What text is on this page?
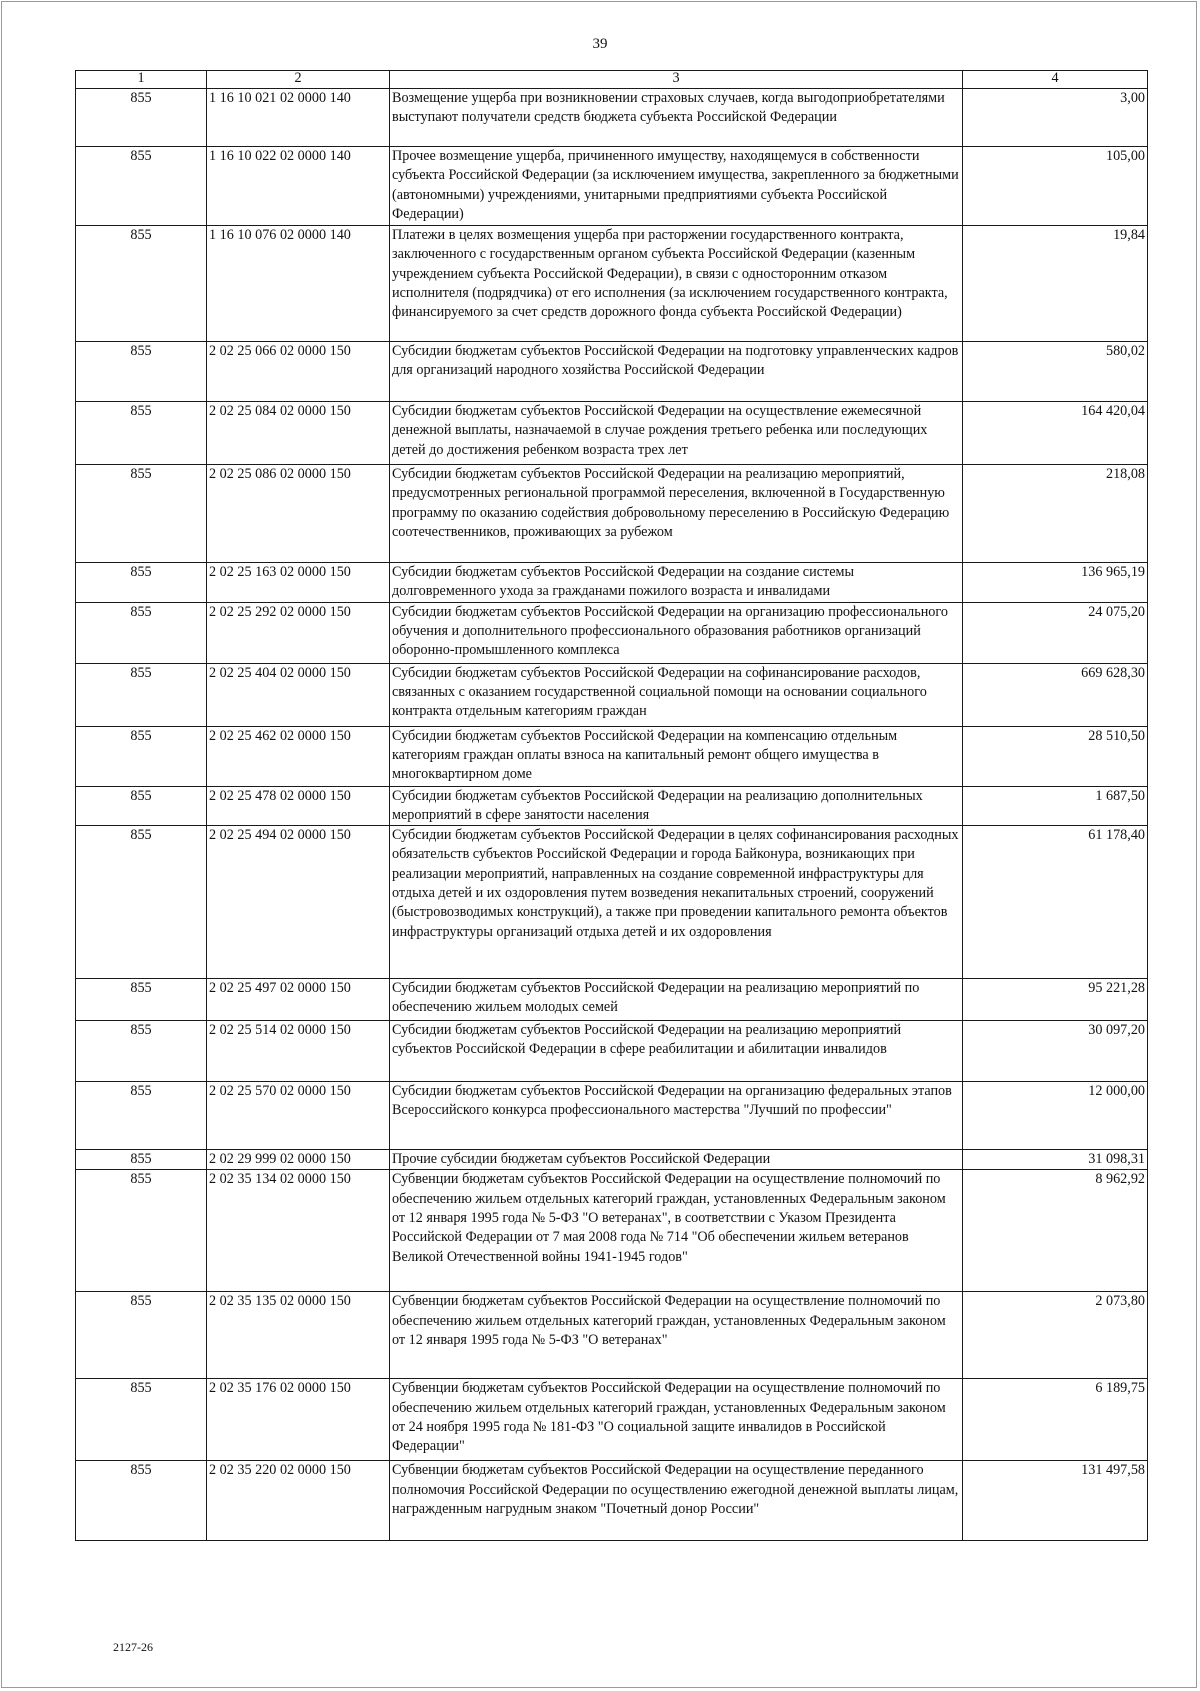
39
1	2	3	4
855	1 16 10 021 02 0000 140	Возмещение ущерба при возникновении страховых случаев, когда выгодоприобретателями выступают получатели средств бюджета субъекта Российской Федерации	3,00
855	1 16 10 022 02 0000 140	Прочее возмещение ущерба, причиненного имуществу, находящемуся в собственности субъекта Российской Федерации (за исключением имущества, закрепленного за бюджетными (автономными) учреждениями, унитарными предприятиями субъекта Российской Федерации)	105,00
855	1 16 10 076 02 0000 140	Платежи в целях возмещения ущерба при расторжении государственного контракта, заключенного с государственным органом субъекта Российской Федерации (казенным учреждением субъекта Российской Федерации), в связи с односторонним отказом исполнителя (подрядчика) от его исполнения (за исключением государственного контракта, финансируемого за счет средств дорожного фонда субъекта Российской Федерации)	19,84
855	2 02 25 066 02 0000 150	Субсидии бюджетам субъектов Российской Федерации на подготовку управленческих кадров для организаций народного хозяйства Российской Федерации	580,02
855	2 02 25 084 02 0000 150	Субсидии бюджетам субъектов Российской Федерации на осуществление ежемесячной денежной выплаты, назначаемой в случае рождения третьего ребенка или последующих детей до достижения ребенком возраста трех лет	164 420,04
855	2 02 25 086 02 0000 150	Субсидии бюджетам субъектов Российской Федерации на реализацию мероприятий, предусмотренных региональной программой переселения, включенной в Государственную программу по оказанию содействия добровольному переселению в Российскую Федерацию соотечественников, проживающих за рубежом	218,08
855	2 02 25 163 02 0000 150	Субсидии бюджетам субъектов Российской Федерации на создание системы долговременного ухода за гражданами пожилого возраста и инвалидами	136 965,19
855	2 02 25 292 02 0000 150	Субсидии бюджетам субъектов Российской Федерации на организацию профессионального обучения и дополнительного профессионального образования работников организаций оборонно-промышленного комплекса	24 075,20
855	2 02 25 404 02 0000 150	Субсидии бюджетам субъектов Российской Федерации на софинансирование расходов, связанных с оказанием государственной социальной помощи на основании социального контракта отдельным категориям граждан	669 628,30
855	2 02 25 462 02 0000 150	Субсидии бюджетам субъектов Российской Федерации на компенсацию отдельным категориям граждан оплаты взноса на капитальный ремонт общего имущества в многоквартирном доме	28 510,50
855	2 02 25 478 02 0000 150	Субсидии бюджетам субъектов Российской Федерации на реализацию дополнительных мероприятий в сфере занятости населения	1 687,50
855	2 02 25 494 02 0000 150	Субсидии бюджетам субъектов Российской Федерации в целях софинансирования расходных обязательств субъектов Российской Федерации и города Байконура, возникающих при реализации мероприятий, направленных на создание современной инфраструктуры для отдыха детей и их оздоровления путем возведения некапитальных строений, сооружений (быстровозводимых конструкций), а также при проведении капитального ремонта объектов инфраструктуры организаций отдыха детей и их оздоровления	61 178,40
855	2 02 25 497 02 0000 150	Субсидии бюджетам субъектов Российской Федерации на реализацию мероприятий по обеспечению жильем молодых семей	95 221,28
855	2 02 25 514 02 0000 150	Субсидии бюджетам субъектов Российской Федерации на реализацию мероприятий субъектов Российской Федерации в сфере реабилитации и абилитации инвалидов	30 097,20
855	2 02 25 570 02 0000 150	Субсидии бюджетам субъектов Российской Федерации на организацию федеральных этапов Всероссийского конкурса профессионального мастерства "Лучший по профессии"	12 000,00
855	2 02 29 999 02 0000 150	Прочие субсидии бюджетам субъектов Российской Федерации	31 098,31
855	2 02 35 134 02 0000 150	Субвенции бюджетам субъектов Российской Федерации на осуществление полномочий по обеспечению жильем отдельных категорий граждан, установленных Федеральным законом от 12 января 1995 года № 5-ФЗ "О ветеранах", в соответствии с Указом Президента Российской Федерации от 7 мая 2008 года № 714 "Об обеспечении жильем ветеранов Великой Отечественной войны 1941-1945 годов"	8 962,92
855	2 02 35 135 02 0000 150	Субвенции бюджетам субъектов Российской Федерации на осуществление полномочий по обеспечению жильем отдельных категорий граждан, установленных Федеральным законом от 12 января 1995 года № 5-ФЗ "О ветеранах"	2 073,80
855	2 02 35 176 02 0000 150	Субвенции бюджетам субъектов Российской Федерации на осуществление полномочий по обеспечению жильем отдельных категорий граждан, установленных Федеральным законом от 24 ноября 1995 года № 181-ФЗ "О социальной защите инвалидов в Российской Федерации"	6 189,75
855	2 02 35 220 02 0000 150	Субвенции бюджетам субъектов Российской Федерации на осуществление переданного полномочия Российской Федерации по осуществлению ежегодной денежной выплаты лицам, награжденным нагрудным знаком "Почетный донор России"	131 497,58
2127-26
